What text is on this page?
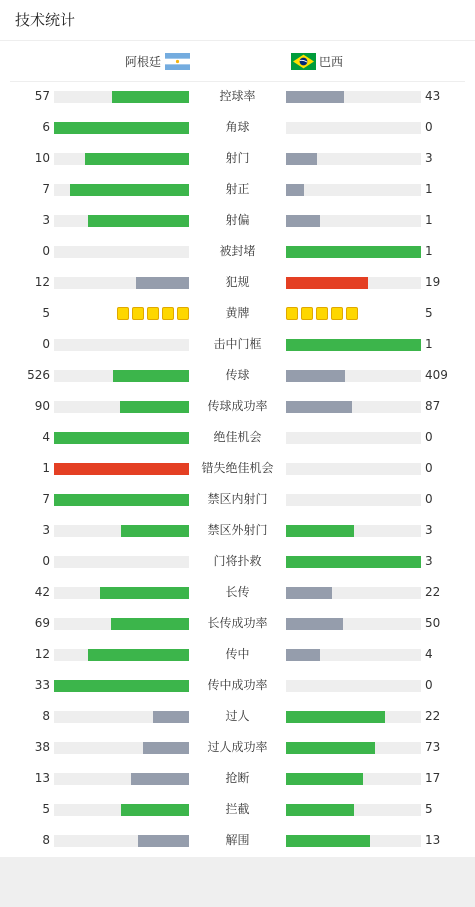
技术统计
阿根廷	巴西
57	控球率	43
6	角球	0
10	射门	3
7	射正	1
3	射偏	1
0	被封堵	1
12	犯规	19
5	黄牌	5
0	击中门框	1
526	传球	409
90	传球成功率	87
4	绝佳机会	0
1	错失绝佳机会	0
7	禁区内射门	0
3	禁区外射门	3
0	门将扑救	3
42	长传	22
69	长传成功率	50
12	传中	4
33	传中成功率	0
8	过人	22
38	过人成功率	73
13	抢断	17
5	拦截	5
8	解围	13
